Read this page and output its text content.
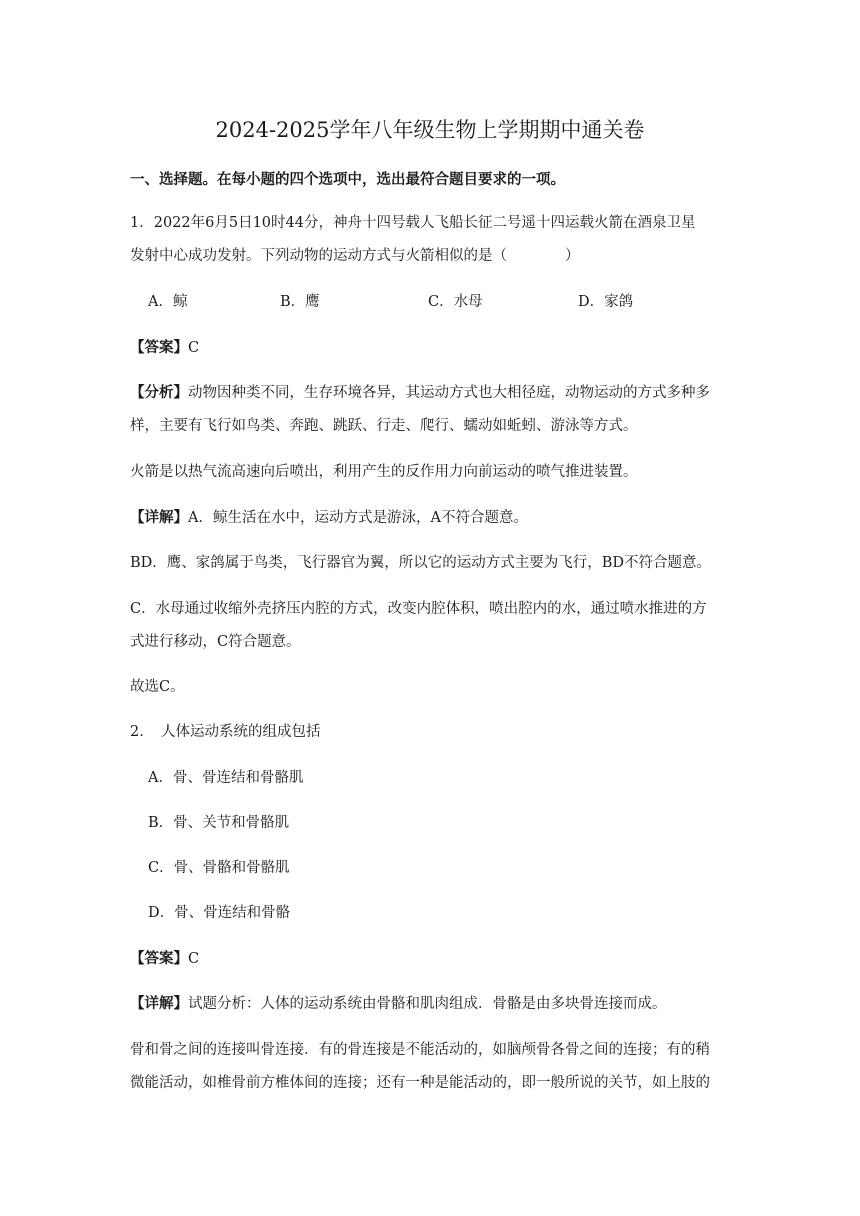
2024-2025学年八年级生物上学期期中通关卷
一、选择题。在每小题的四个选项中，选出最符合题目要求的一项。
1．2022年6月5日10时44分，神舟十四号载人飞船长征二号遥十四运载火箭在酒泉卫星
发射中心成功发射。下列动物的运动方式与火箭相似的是（　　　　）
A．鲸	B．鹰	C．水母	D．家鸽
【答案】C
【分析】动物因种类不同，生存环境各异，其运动方式也大相径庭，动物运动的方式多种多
样，主要有飞行如鸟类、奔跑、跳跃、行走、爬行、蠕动如蚯蚓、游泳等方式。
火箭是以热气流高速向后喷出，利用产生的反作用力向前运动的喷气推进装置。
【详解】A．鲸生活在水中，运动方式是游泳，A不符合题意。
BD．鹰、家鸽属于鸟类，飞行器官为翼，所以它的运动方式主要为飞行，BD不符合题意。
C．水母通过收缩外壳挤压内腔的方式，改变内腔体积，喷出腔内的水，通过喷水推进的方
式进行移动，C符合题意。
故选C。
2．　人体运动系统的组成包括
A．骨、骨连结和骨骼肌
B．骨、关节和骨骼肌
C．骨、骨骼和骨骼肌
D．骨、骨连结和骨骼
【答案】C
【详解】试题分析：人体的运动系统由骨骼和肌肉组成．骨骼是由多块骨连接而成。
骨和骨之间的连接叫骨连接．有的骨连接是不能活动的，如脑颅骨各骨之间的连接；有的稍
微能活动，如椎骨前方椎体间的连接；还有一种是能活动的，即一般所说的关节，如上肢的
